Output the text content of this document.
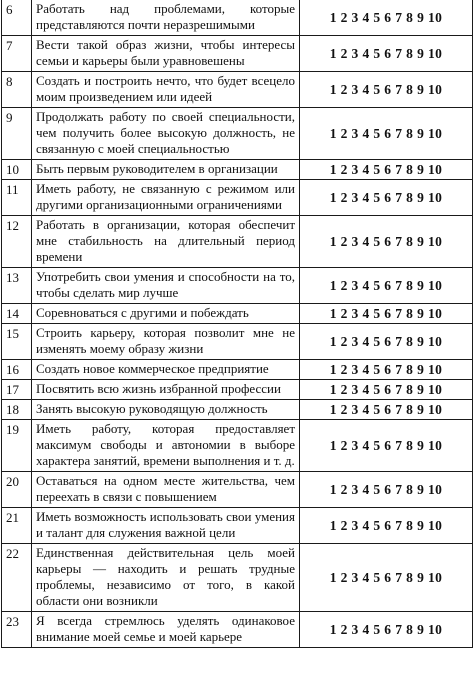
6	Работать над проблемами, которые представляются почти неразрешимыми	1 2 3 4 5 6 7 8 9 10
7	Вести такой образ жизни, чтобы интересы семьи и карьеры были уравновешены	1 2 3 4 5 6 7 8 9 10
8	Создать и построить нечто, что будет всецело моим произведением или идеей	1 2 3 4 5 6 7 8 9 10
9	Продолжать работу по своей специальности, чем получить более высокую должность, не связанную с моей специальностью	1 2 3 4 5 6 7 8 9 10
10	Быть первым руководителем в организации	1 2 3 4 5 6 7 8 9 10
11	Иметь работу, не связанную с режимом или другими организационными ограничениями	1 2 3 4 5 6 7 8 9 10
12	Работать в организации, которая обеспечит мне стабильность на длительный период времени	1 2 3 4 5 6 7 8 9 10
13	Употребить свои умения и способности на то, чтобы сделать мир лучше	1 2 3 4 5 6 7 8 9 10
14	Соревноваться с другими и побеждать	1 2 3 4 5 6 7 8 9 10
15	Строить карьеру, которая позволит мне не изменять моему образу жизни	1 2 3 4 5 6 7 8 9 10
16	Создать новое коммерческое предприятие	1 2 3 4 5 6 7 8 9 10
17	Посвятить всю жизнь избранной профессии	1 2 3 4 5 6 7 8 9 10
18	Занять высокую руководящую должность	1 2 3 4 5 6 7 8 9 10
19	Иметь работу, которая предоставляет максимум свободы и автономии в выборе характера занятий, времени выполнения и т. д.	1 2 3 4 5 6 7 8 9 10
20	Оставаться на одном месте жительства, чем переехать в связи с повышением	1 2 3 4 5 6 7 8 9 10
21	Иметь возможность использовать свои умения и талант для служения важной цели	1 2 3 4 5 6 7 8 9 10
22	Единственная действительная цель моей карьеры — находить и решать трудные проблемы, независимо от того, в какой области они возникли	1 2 3 4 5 6 7 8 9 10
23	Я всегда стремлюсь уделять одинаковое внимание моей семье и моей карьере	1 2 3 4 5 6 7 8 9 10
